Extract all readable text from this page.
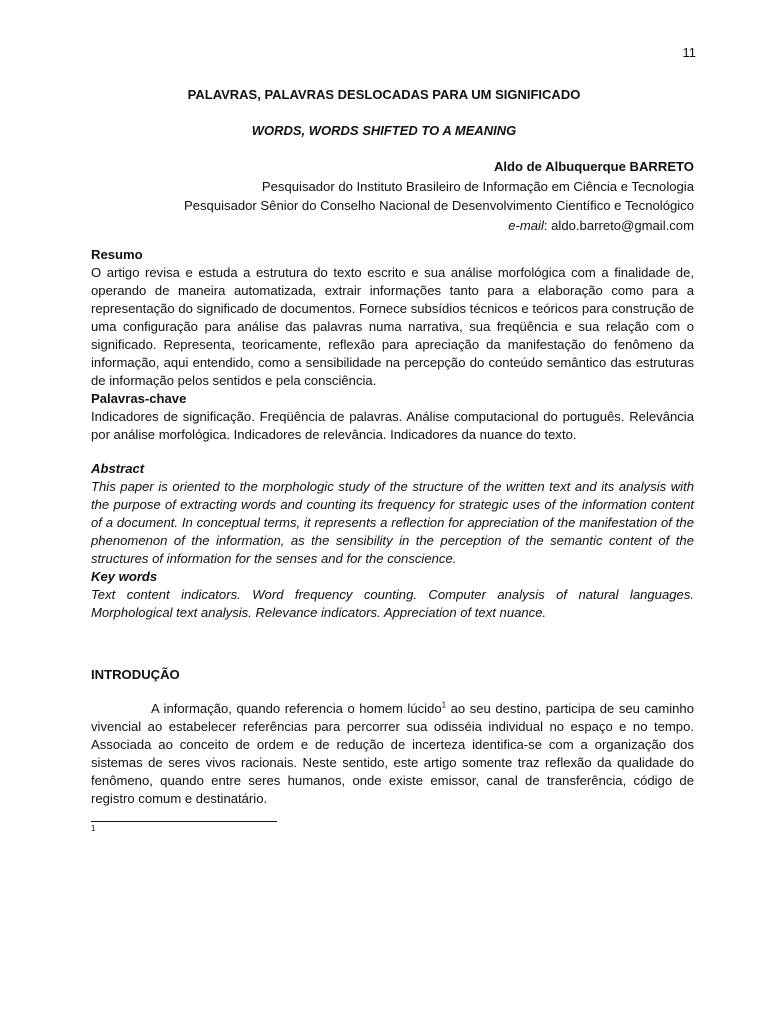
11
PALAVRAS, PALAVRAS DESLOCADAS PARA UM SIGNIFICADO
WORDS, WORDS SHIFTED TO A MEANING
Aldo de Albuquerque BARRETO
Pesquisador do Instituto Brasileiro de Informação em Ciência e Tecnologia
Pesquisador Sênior do Conselho Nacional de Desenvolvimento Científico e Tecnológico
e-mail: aldo.barreto@gmail.com
Resumo

O artigo revisa e estuda a estrutura do texto escrito e sua análise morfológica com a finalidade de, operando de maneira automatizada, extrair informações tanto para a elaboração como para a representação do significado de documentos. Fornece subsídios técnicos e teóricos para construção de uma configuração para análise das palavras numa narrativa, sua freqüência e sua relação com o significado. Representa, teoricamente, reflexão para apreciação da manifestação do fenômeno da informação, aqui entendido, como a sensibilidade na percepção do conteúdo semântico das estruturas de informação pelos sentidos e pela consciência.

Palavras-chave

Indicadores de significação. Freqüência de palavras. Análise computacional do português. Relevância por análise morfológica. Indicadores de relevância. Indicadores da nuance do texto.

Abstract

This paper is oriented to the morphologic study of the structure of the written text and its analysis with the purpose of extracting words and counting its frequency for strategic uses of the information content of a document. In conceptual terms, it represents a reflection for appreciation of the manifestation of the phenomenon of the information, as the sensibility in the perception of the semantic content of the structures of information for the senses and for the conscience.

Key words

Text content indicators. Word frequency counting. Computer analysis of natural languages. Morphological text analysis. Relevance indicators. Appreciation of text nuance.

INTRODUÇÃO

A informação, quando referencia o homem lúcido$^1$ ao seu destino, participa de seu caminho vivencial ao estabelecer referências para percorrer sua odisséia individual no espaço e no tempo. Associada ao conceito de ordem e de redução de incerteza identifica-se com a organização dos sistemas de seres vivos racionais. Neste sentido, este artigo somente traz reflexão da qualidade do fenômeno, quando entre seres humanos, onde existe emissor, canal de transferência, código de registro comum e destinatário.

1
